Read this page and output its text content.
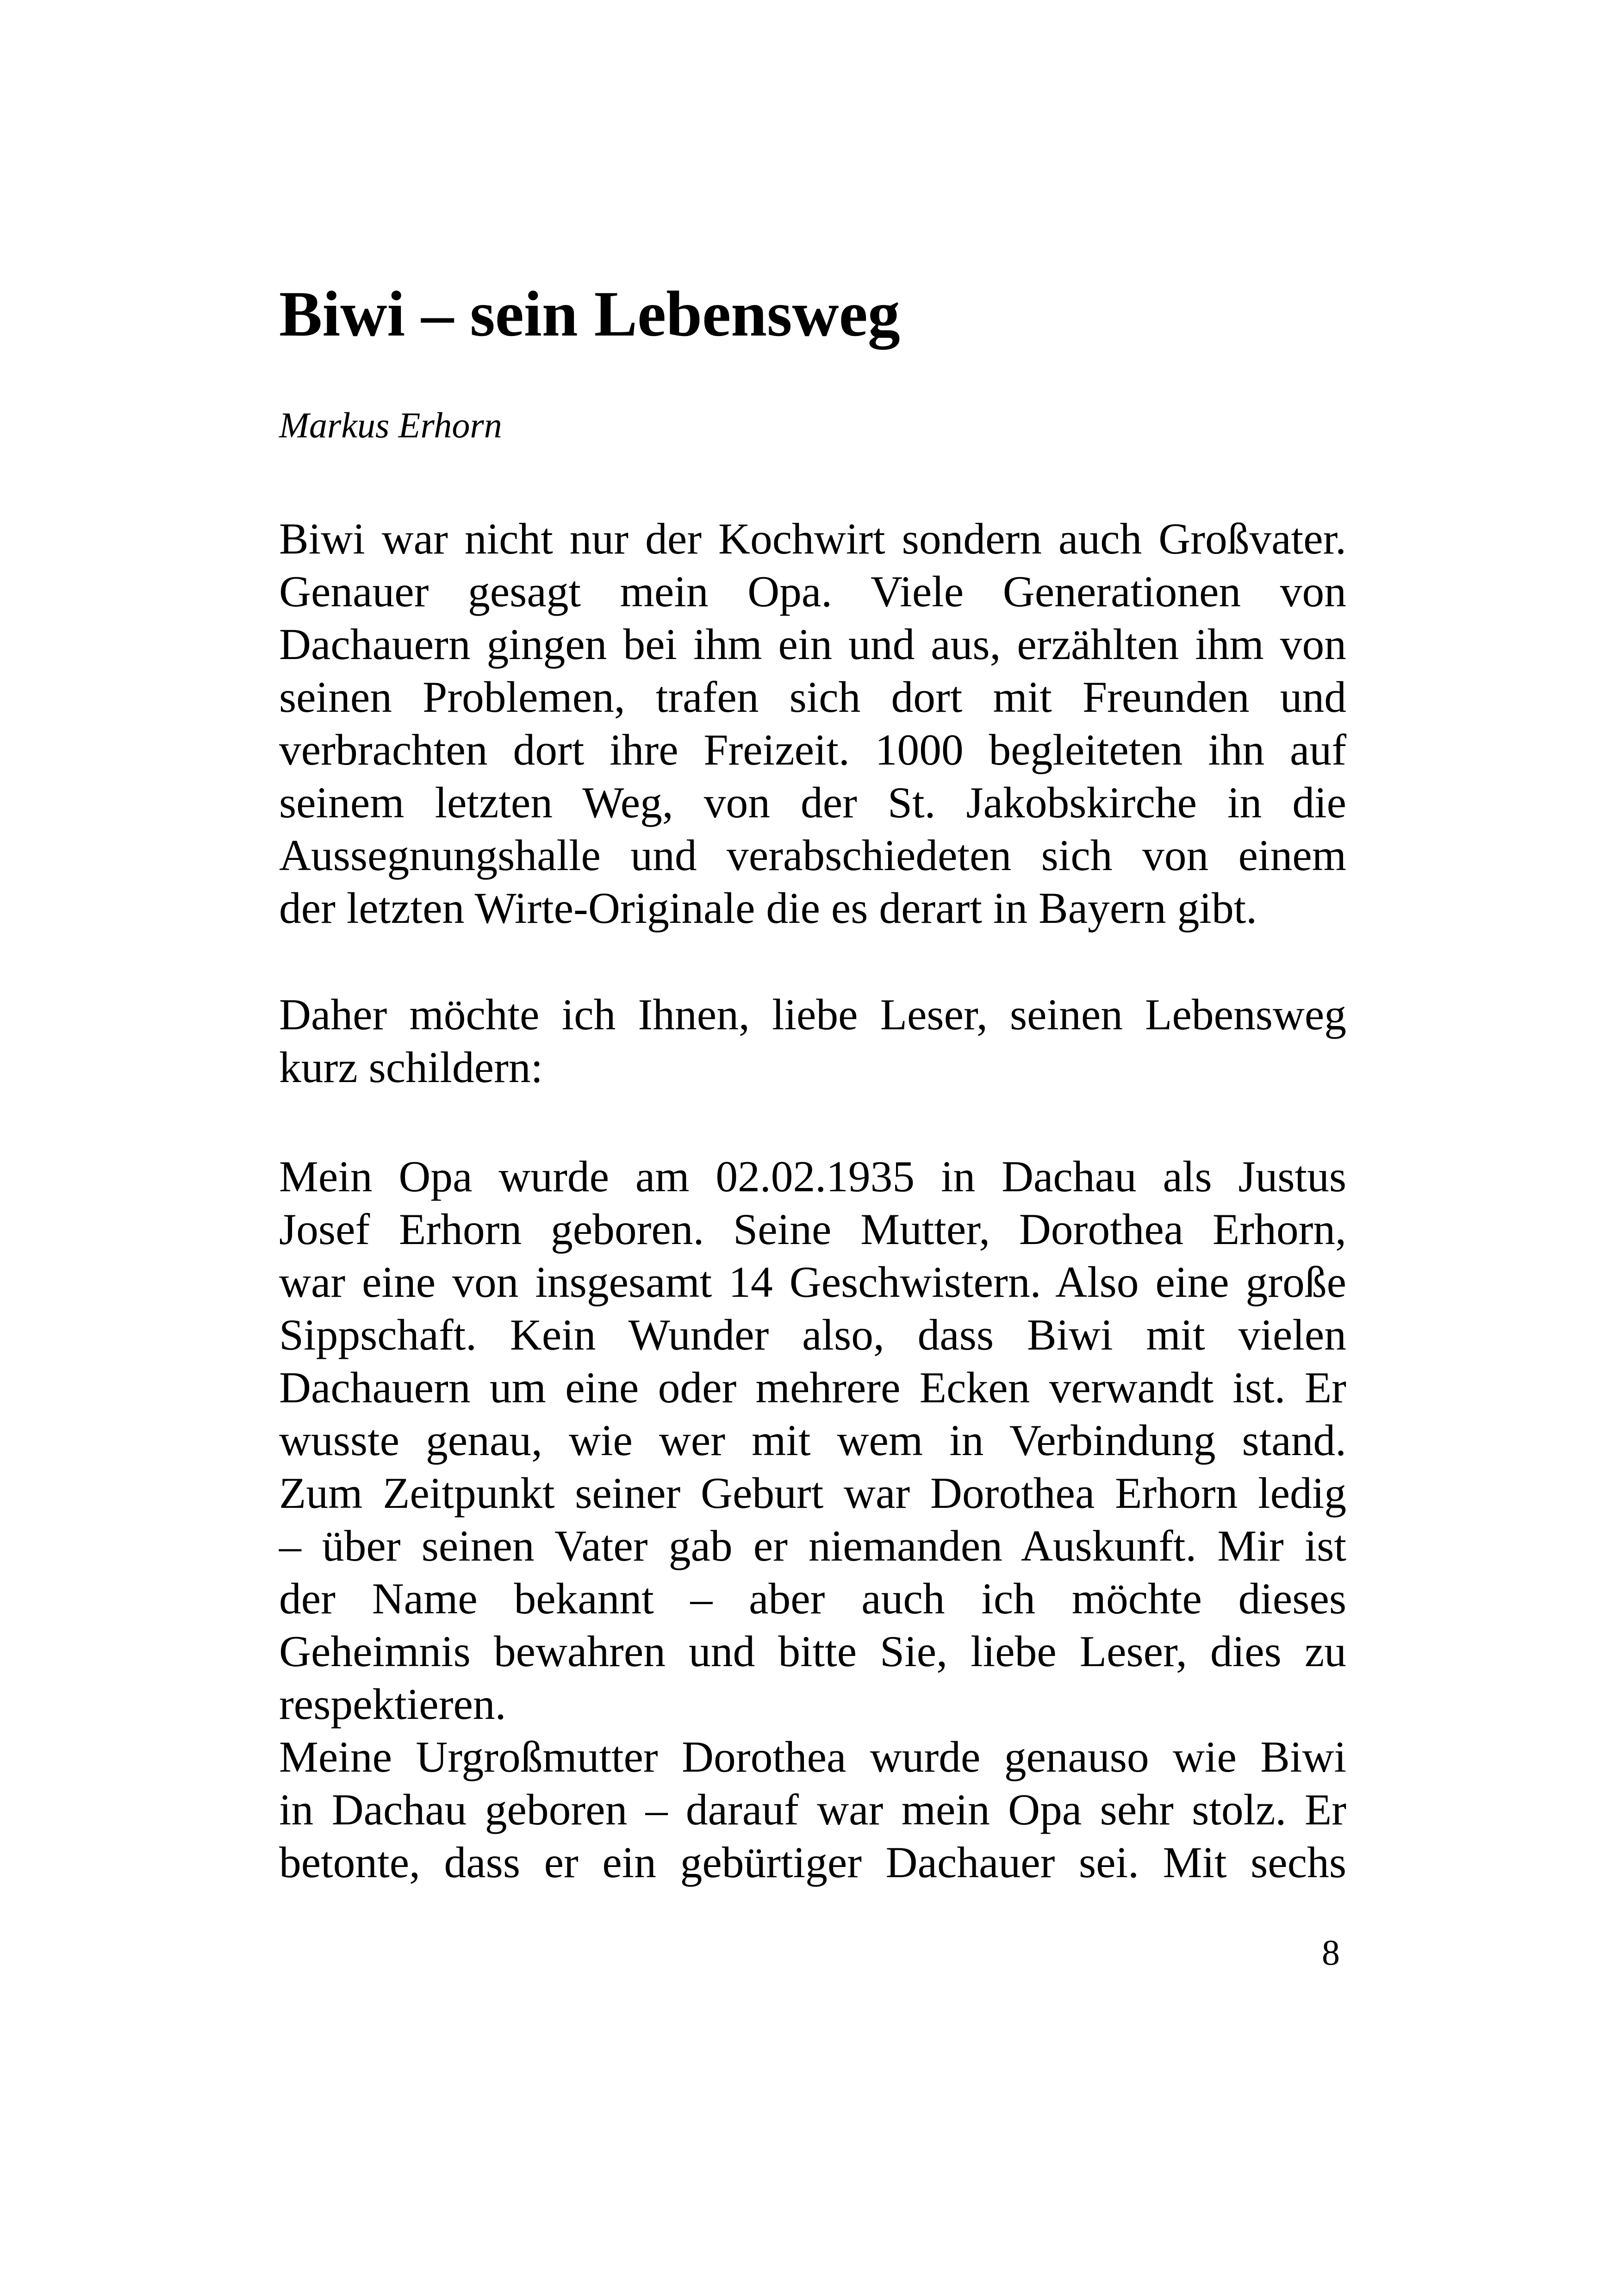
Biwi – sein Lebensweg

Markus Erhorn

Biwi war nicht nur der Kochwirt sondern auch Großvater.
Genauer gesagt mein Opa. Viele Generationen von
Dachauern gingen bei ihm ein und aus, erzählten ihm von
seinen Problemen, trafen sich dort mit Freunden und
verbrachten dort ihre Freizeit. 1000 begleiteten ihn auf
seinem letzten Weg, von der St. Jakobskirche in die
Aussegnungshalle und verabschiedeten sich von einem
der letzten Wirte-Originale die es derart in Bayern gibt.
Daher möchte ich Ihnen, liebe Leser, seinen Lebensweg
kurz schildern:
Mein Opa wurde am 02.02.1935 in Dachau als Justus
Josef Erhorn geboren. Seine Mutter, Dorothea Erhorn,
war eine von insgesamt 14 Geschwistern. Also eine große
Sippschaft. Kein Wunder also, dass Biwi mit vielen
Dachauern um eine oder mehrere Ecken verwandt ist. Er
wusste genau, wie wer mit wem in Verbindung stand.
Zum Zeitpunkt seiner Geburt war Dorothea Erhorn ledig
– über seinen Vater gab er niemanden Auskunft. Mir ist
der Name bekannt – aber auch ich möchte dieses
Geheimnis bewahren und bitte Sie, liebe Leser, dies zu
respektieren.
Meine Urgroßmutter Dorothea wurde genauso wie Biwi
in Dachau geboren – darauf war mein Opa sehr stolz. Er
betonte, dass er ein gebürtiger Dachauer sei. Mit sechs

8
